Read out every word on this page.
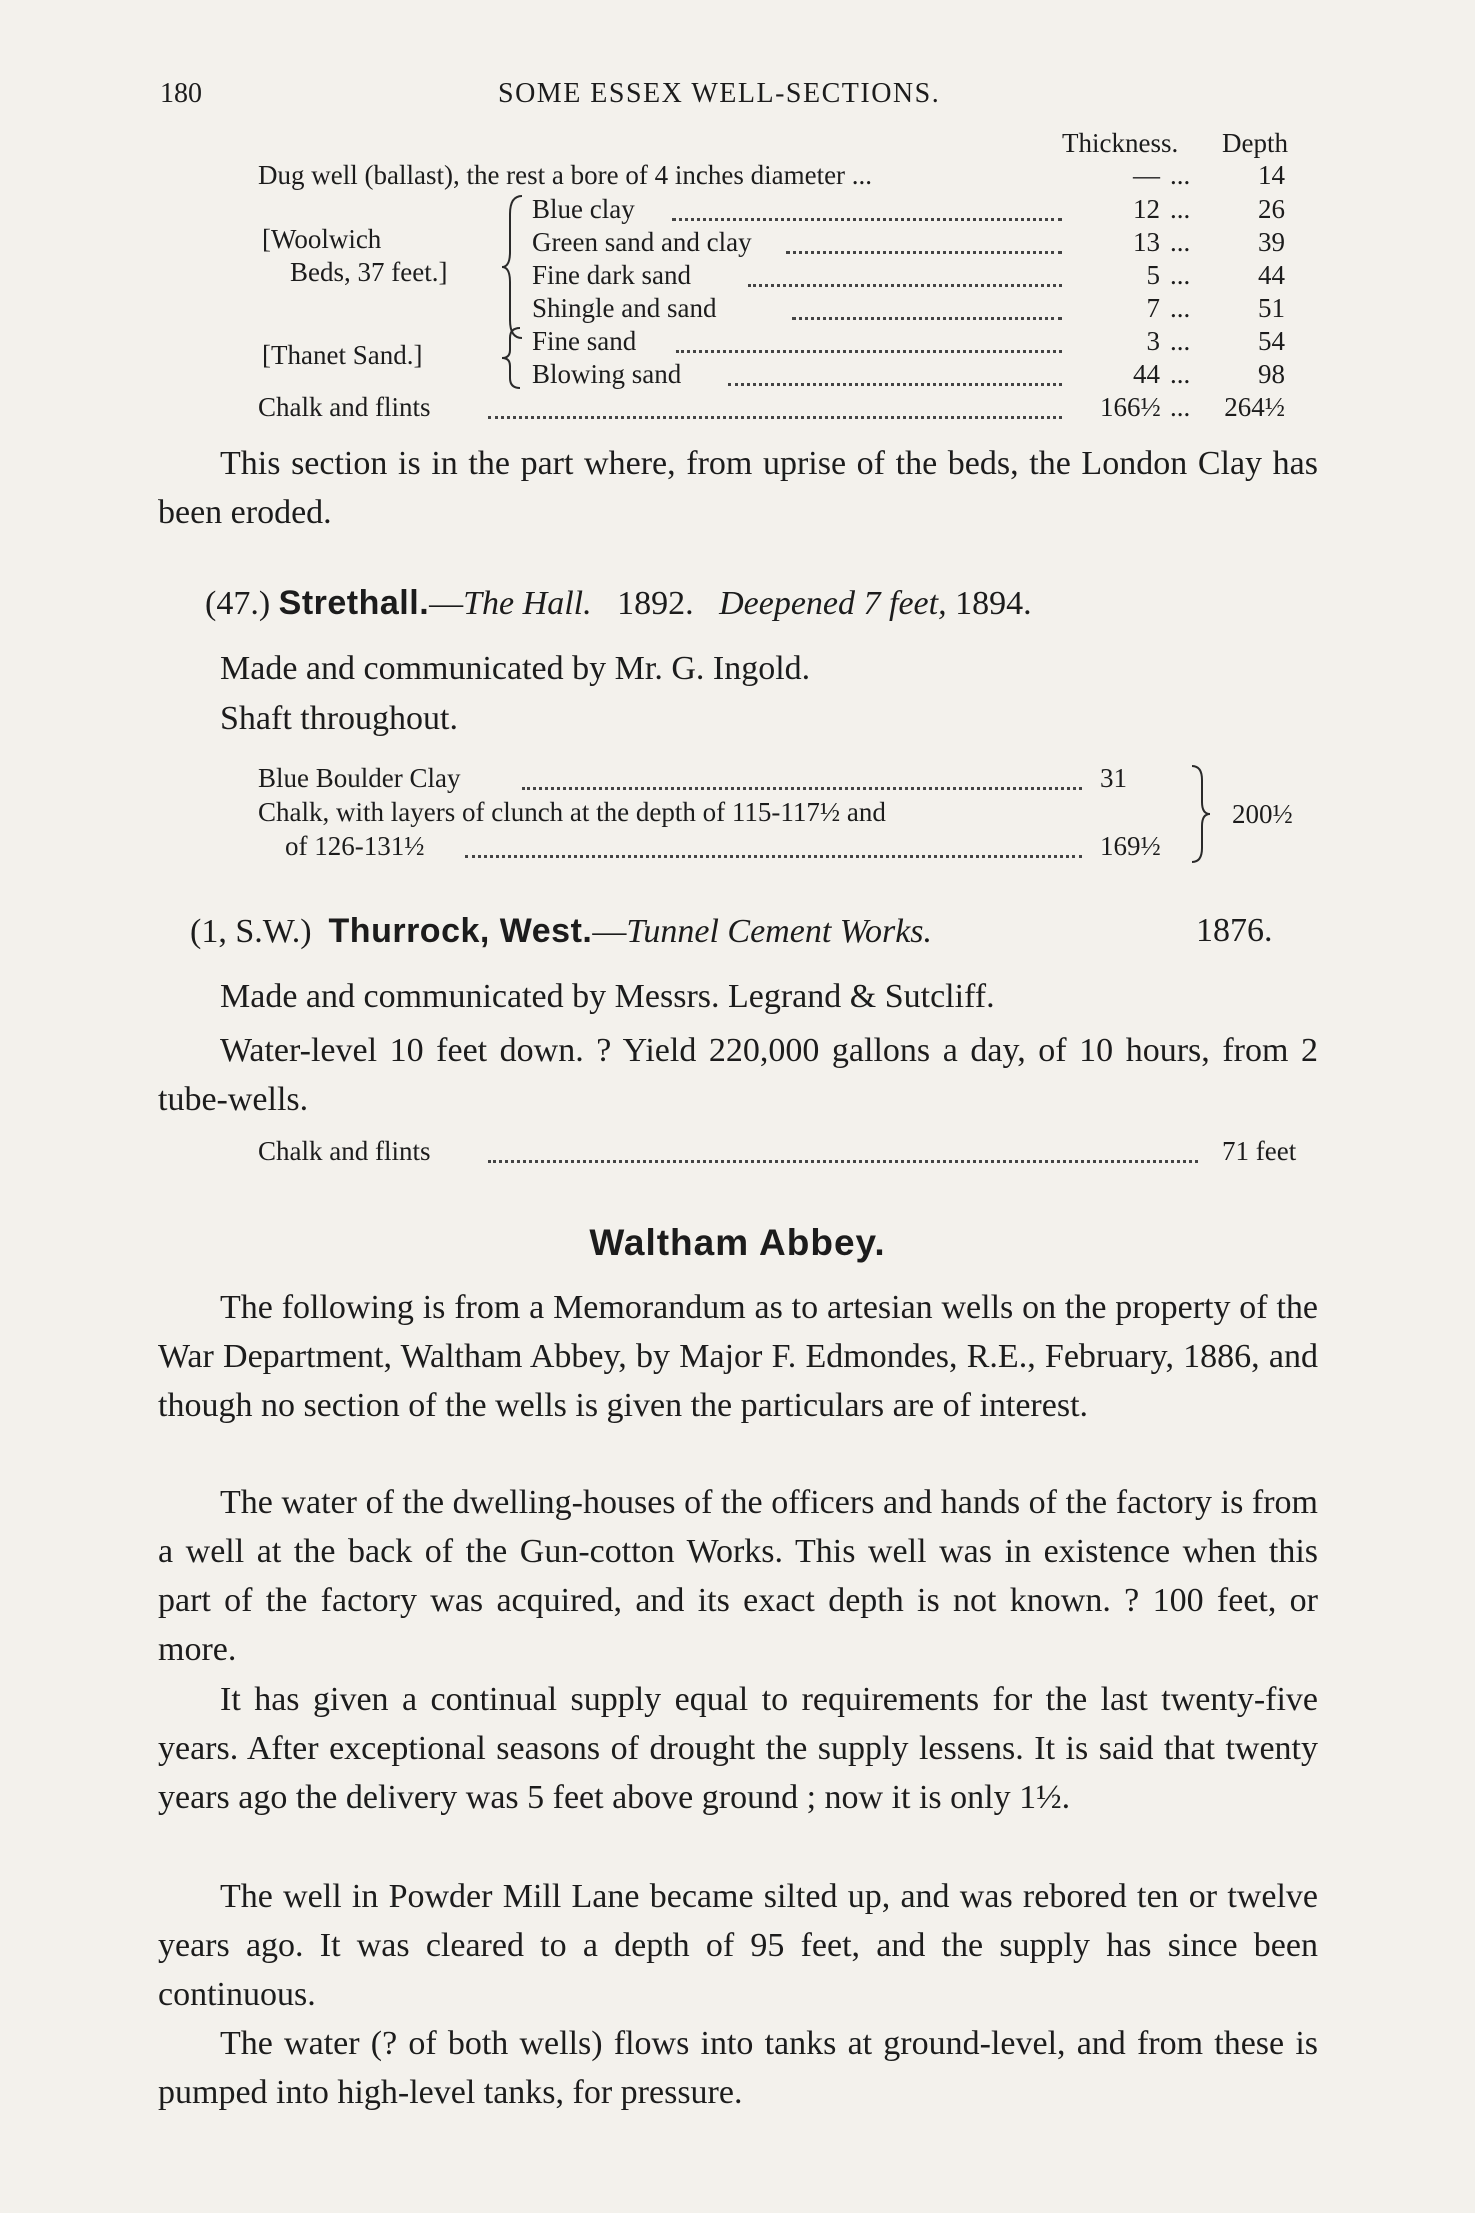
180	SOME ESSEX WELL-SECTIONS.
Thickness. Depth
Dug well (ballast), the rest a bore of 4 inches diameter ...	— ...	14
[Woolwich
Beds, 37 feet.]
Blue clay	12 ...	26
Green sand and clay	13 ...	39
Fine dark sand	5 ...	44
Shingle and sand	7 ...	51
[Thanet Sand.]	Fine sand	3 ...	54
Blowing sand	44 ...	98
Chalk and flints	166½ ...	264½

This section is in the part where, from uprise of the beds, the London Clay has been eroded.

(47.) Strethall.—The Hall. 1892. Deepened 7 feet, 1894.
Made and communicated by Mr. G. Ingold.
Shaft throughout.
Blue Boulder Clay	31
Chalk, with layers of clunch at the depth of 115-117½ and
of 126-131½	169½
200½
(1, S.W.) Thurrock, West.—Tunnel Cement Works.	1876.
Made and communicated by Messrs. Legrand & Sutcliff.

Water-level 10 feet down. ? Yield 220,000 gallons a day, of 10 hours, from 2 tube-wells.

Chalk and flints	71 feet
Waltham Abbey.

The following is from a Memorandum as to artesian wells on the property of the War Department, Waltham Abbey, by Major F. Edmondes, R.E., February, 1886, and though no section of the wells is given the particulars are of interest.

The water of the dwelling-houses of the officers and hands of the factory is from a well at the back of the Gun-cotton Works. This well was in existence when this part of the factory was acquired, and its exact depth is not known. ? 100 feet, or more.

It has given a continual supply equal to requirements for the last twenty-five years. After exceptional seasons of drought the supply lessens. It is said that twenty years ago the delivery was 5 feet above ground ; now it is only 1½.

The well in Powder Mill Lane became silted up, and was rebored ten or twelve years ago. It was cleared to a depth of 95 feet, and the supply has since been continuous.

The water (? of both wells) flows into tanks at ground-level, and from these is pumped into high-level tanks, for pressure.
